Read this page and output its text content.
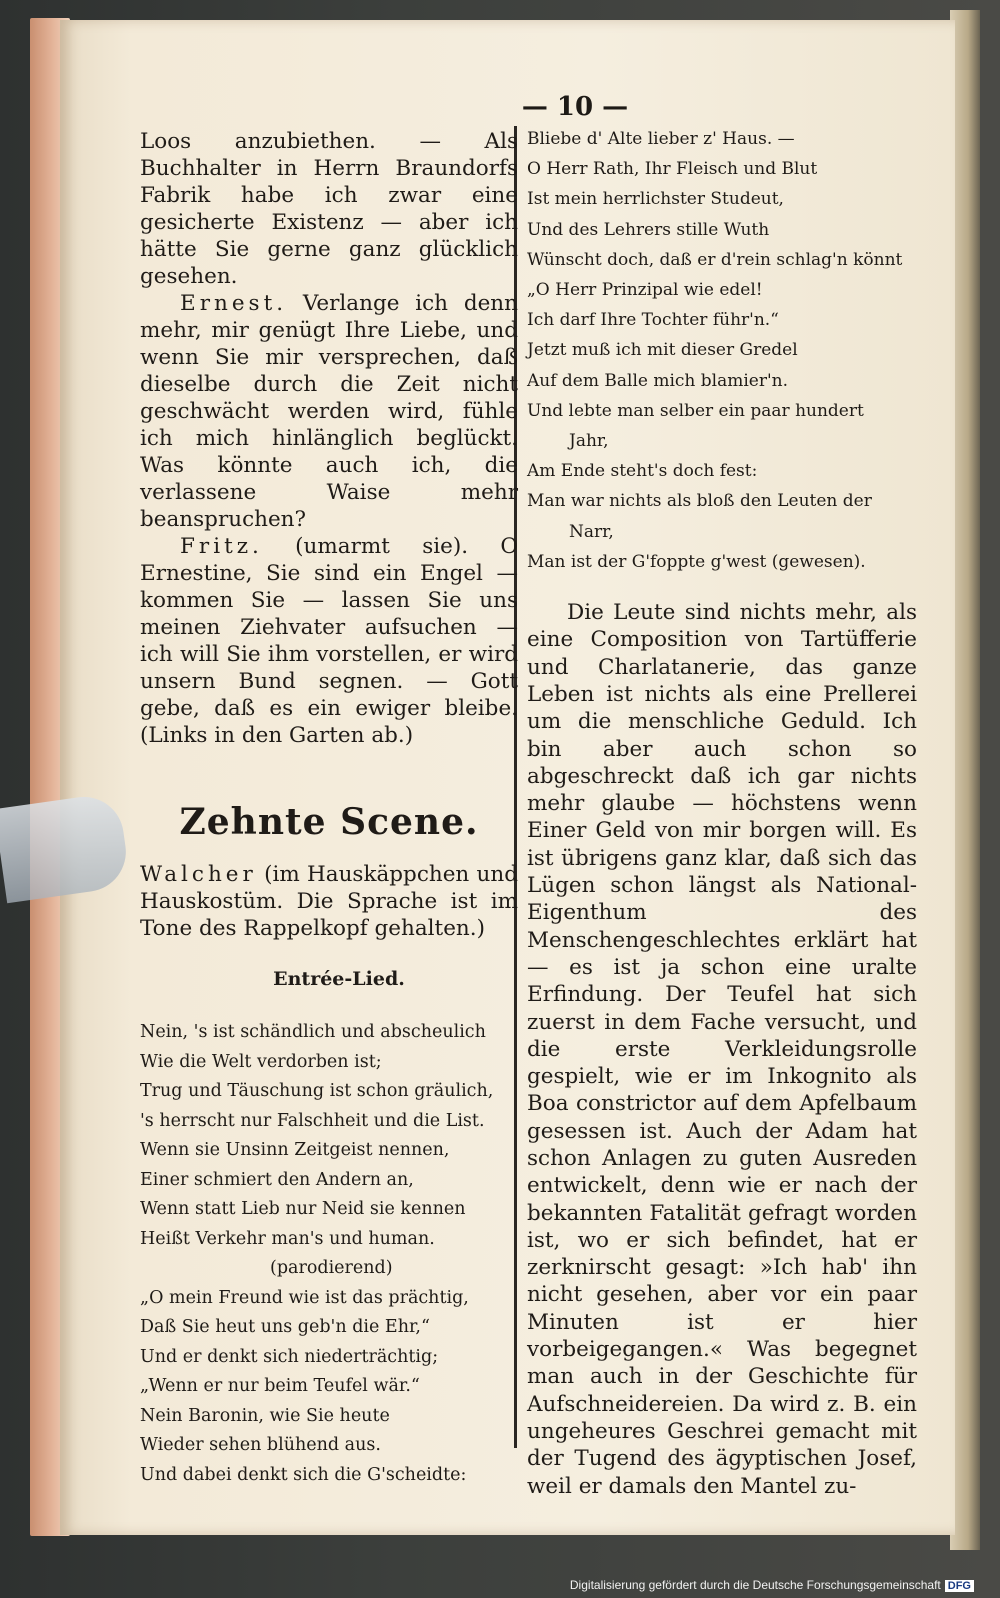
— 10 —

Loos anzubiethen. — Als Buchhalter in Herrn Braundorfs Fabrik habe ich zwar eine gesicherte Existenz — aber ich hätte Sie gerne ganz glücklich gesehen.

Ernest. Verlange ich denn mehr, mir genügt Ihre Liebe, und wenn Sie mir versprechen, daß dieselbe durch die Zeit nicht geschwächt werden wird, fühle ich mich hinlänglich beglückt. Was könnte auch ich, die verlassene Waise mehr beanspruchen?

Fritz. (umarmt sie). O Ernestine, Sie sind ein Engel — kommen Sie — lassen Sie uns meinen Ziehvater aufsuchen — ich will Sie ihm vorstellen, er wird unsern Bund segnen. — Gott gebe, daß es ein ewiger bleibe. (Links in den Garten ab.)

Zehnte Scene.
Walcher (im Hauskäppchen und Hauskostüm. Die Sprache ist im Tone des Rappelkopf gehalten.)
Entrée-Lied.
Nein, 's ist schändlich und abscheulich
Wie die Welt verdorben ist;
Trug und Täuschung ist schon gräulich,
's herrscht nur Falschheit und die List.
Wenn sie Unsinn Zeitgeist nennen,
Einer schmiert den Andern an,
Wenn statt Lieb nur Neid sie kennen
Heißt Verkehr man's und human.
(parodierend)
„O mein Freund wie ist das prächtig,
Daß Sie heut uns geb'n die Ehr,“
Und er denkt sich niederträchtig;
„Wenn er nur beim Teufel wär.“
Nein Baronin, wie Sie heute
Wieder sehen blühend aus.
Und dabei denkt sich die G'scheidte:
Bliebe d' Alte lieber z' Haus. —
O Herr Rath, Ihr Fleisch und Blut
Ist mein herrlichster Studeut,
Und des Lehrers stille Wuth
Wünscht doch, daß er d'rein schlag'n könnt
„O Herr Prinzipal wie edel!
Ich darf Ihre Tochter führ'n.“
Jetzt muß ich mit dieser Gredel
Auf dem Balle mich blamier'n.
Und lebte man selber ein paar hundert
Jahr,
Am Ende steht's doch fest:
Man war nichts als bloß den Leuten der
Narr,
Man ist der G'foppte g'west (gewesen).

Die Leute sind nichts mehr, als eine Composition von Tartüfferie und Charlatanerie, das ganze Leben ist nichts als eine Prellerei um die menschliche Geduld. Ich bin aber auch schon so abgeschreckt daß ich gar nichts mehr glaube — höchstens wenn Einer Geld von mir borgen will. Es ist übrigens ganz klar, daß sich das Lügen schon längst als National-Eigenthum des Menschengeschlechtes erklärt hat — es ist ja schon eine uralte Erfindung. Der Teufel hat sich zuerst in dem Fache versucht, und die erste Verkleidungsrolle gespielt, wie er im Inkognito als Boa constrictor auf dem Apfelbaum gesessen ist. Auch der Adam hat schon Anlagen zu guten Ausreden entwickelt, denn wie er nach der bekannten Fatalität gefragt worden ist, wo er sich befindet, hat er zerknirscht gesagt: »Ich hab' ihn nicht gesehen, aber vor ein paar Minuten ist er hier vorbeigegangen.« Was begegnet man auch in der Geschichte für Aufschneidereien. Da wird z. B. ein ungeheures Geschrei gemacht mit der Tugend des ägyptischen Josef, weil er damals den Mantel zu-

Digitalisierung gefördert durch die Deutsche Forschungsgemeinschaft DFG
